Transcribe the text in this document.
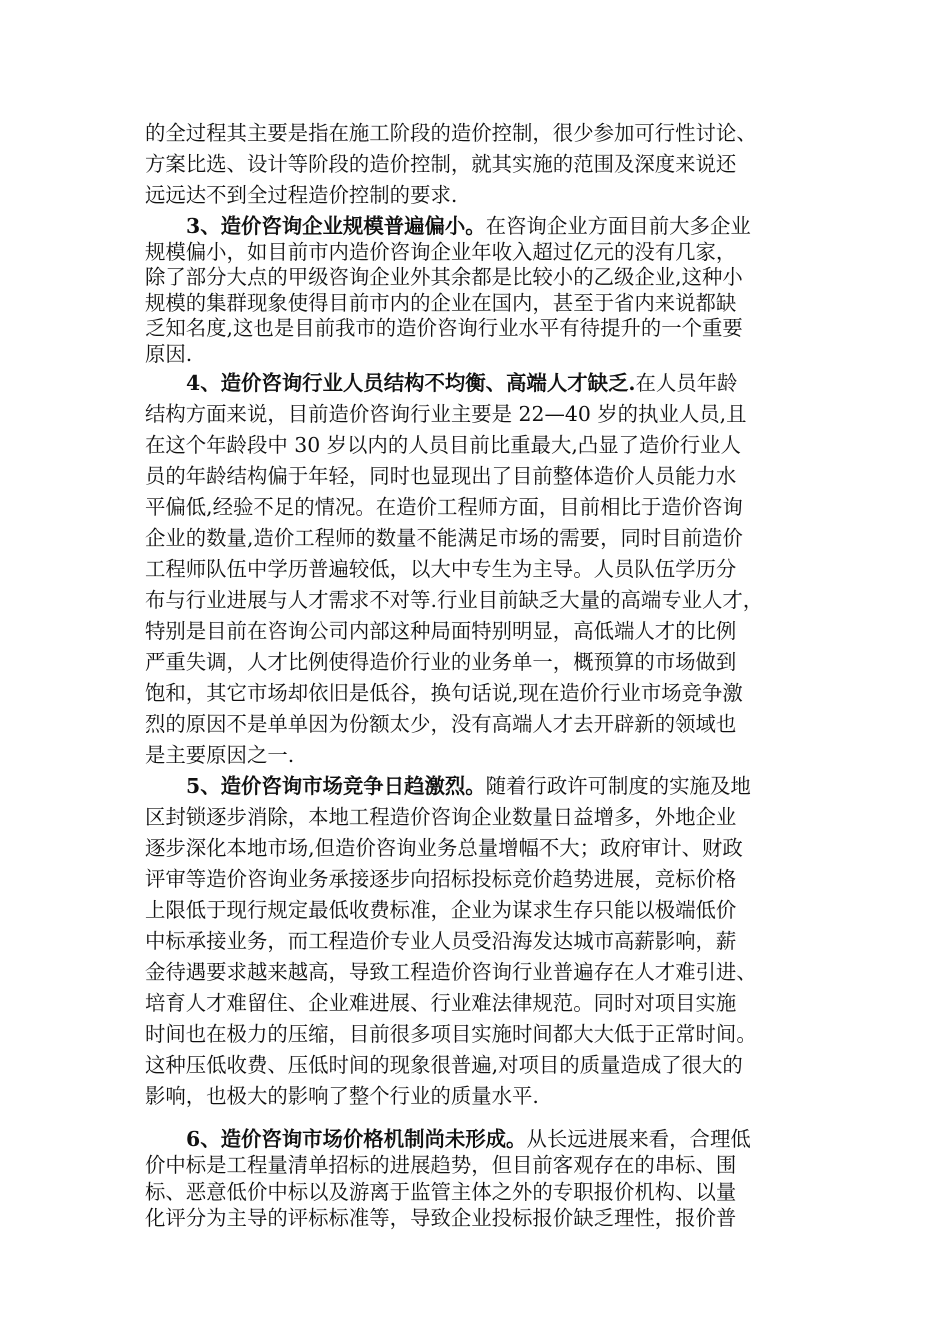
的全过程其主要是指在施工阶段的造价控制，很少参加可行性讨论、
方案比选、设计等阶段的造价控制，就其实施的范围及深度来说还
远远达不到全过程造价控制的要求.
3、造价咨询企业规模普遍偏小。在咨询企业方面目前大多企业
规模偏小，如目前市内造价咨询企业年收入超过亿元的没有几家，
除了部分大点的甲级咨询企业外其余都是比较小的乙级企业,这种小
规模的集群现象使得目前市内的企业在国内，甚至于省内来说都缺
乏知名度,这也是目前我市的造价咨询行业水平有待提升的一个重要
原因.
4、造价咨询行业人员结构不均衡、高端人才缺乏.在人员年龄
结构方面来说，目前造价咨询行业主要是 22—40 岁的执业人员,且
在这个年龄段中 30 岁以内的人员目前比重最大,凸显了造价行业人
员的年龄结构偏于年轻，同时也显现出了目前整体造价人员能力水
平偏低,经验不足的情况。在造价工程师方面，目前相比于造价咨询
企业的数量,造价工程师的数量不能满足市场的需要，同时目前造价
工程师队伍中学历普遍较低，以大中专生为主导。人员队伍学历分
布与行业进展与人才需求不对等.行业目前缺乏大量的高端专业人才，
特别是目前在咨询公司内部这种局面特别明显，高低端人才的比例
严重失调，人才比例使得造价行业的业务单一，概预算的市场做到
饱和，其它市场却依旧是低谷，换句话说,现在造价行业市场竞争激
烈的原因不是单单因为份额太少，没有高端人才去开辟新的领域也
是主要原因之一.
5、造价咨询市场竞争日趋激烈。随着行政许可制度的实施及地
区封锁逐步消除，本地工程造价咨询企业数量日益增多，外地企业
逐步深化本地市场,但造价咨询业务总量增幅不大；政府审计、财政
评审等造价咨询业务承接逐步向招标投标竞价趋势进展，竞标价格
上限低于现行规定最低收费标准，企业为谋求生存只能以极端低价
中标承接业务，而工程造价专业人员受沿海发达城市高薪影响，薪
金待遇要求越来越高，导致工程造价咨询行业普遍存在人才难引进、
培育人才难留住、企业难进展、行业难法律规范。同时对项目实施
时间也在极力的压缩，目前很多项目实施时间都大大低于正常时间。
这种压低收费、压低时间的现象很普遍,对项目的质量造成了很大的
影响，也极大的影响了整个行业的质量水平.
6、造价咨询市场价格机制尚未形成。从长远进展来看，合理低
价中标是工程量清单招标的进展趋势，但目前客观存在的串标、围
标、恶意低价中标以及游离于监管主体之外的专职报价机构、以量
化评分为主导的评标标准等，导致企业投标报价缺乏理性，报价普
